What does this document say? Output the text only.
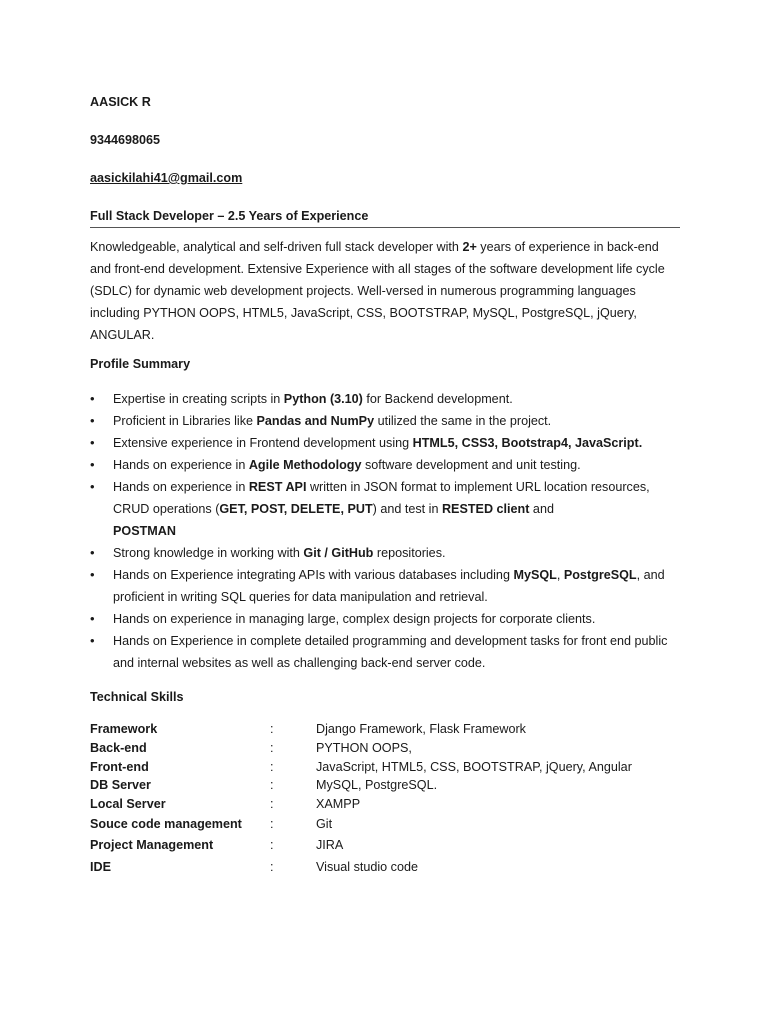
AASICK R
9344698065
aasickilahi41@gmail.com
Full Stack Developer – 2.5 Years of Experience
Knowledgeable, analytical and self-driven full stack developer with 2+ years of experience in back-end and front-end development. Extensive Experience with all stages of the software development life cycle (SDLC) for dynamic web development projects. Well-versed in numerous programming languages including PYTHON OOPS, HTML5, JavaScript, CSS, BOOTSTRAP, MySQL, PostgreSQL, jQuery, ANGULAR.
Profile Summary
• Expertise in creating scripts in Python (3.10) for Backend development.
• Proficient in Libraries like Pandas and NumPy utilized the same in the project.
• Extensive experience in Frontend development using HTML5, CSS3, Bootstrap4, JavaScript.
• Hands on experience in Agile Methodology software development and unit testing.
• Hands on experience in REST API written in JSON format to implement URL location resources, CRUD operations (GET, POST, DELETE, PUT) and test in RESTED client and
POSTMAN
• Strong knowledge in working with Git / GitHub repositories.
• Hands on Experience integrating APIs with various databases including MySQL, PostgreSQL, and proficient in writing SQL queries for data manipulation and retrieval.
• Hands on experience in managing large, complex design projects for corporate clients.
• Hands on Experience in complete detailed programming and development tasks for front end public and internal websites as well as challenging back-end server code.
Technical Skills
Framework	:	Django Framework, Flask Framework
Back-end	:	PYTHON OOPS,
Front-end	:	JavaScript, HTML5, CSS, BOOTSTRAP, jQuery, Angular
DB Server	:	MySQL, PostgreSQL.
Local Server	:	XAMPP
Souce code management	:	Git
Project Management	:	JIRA
IDE	:	Visual studio code
